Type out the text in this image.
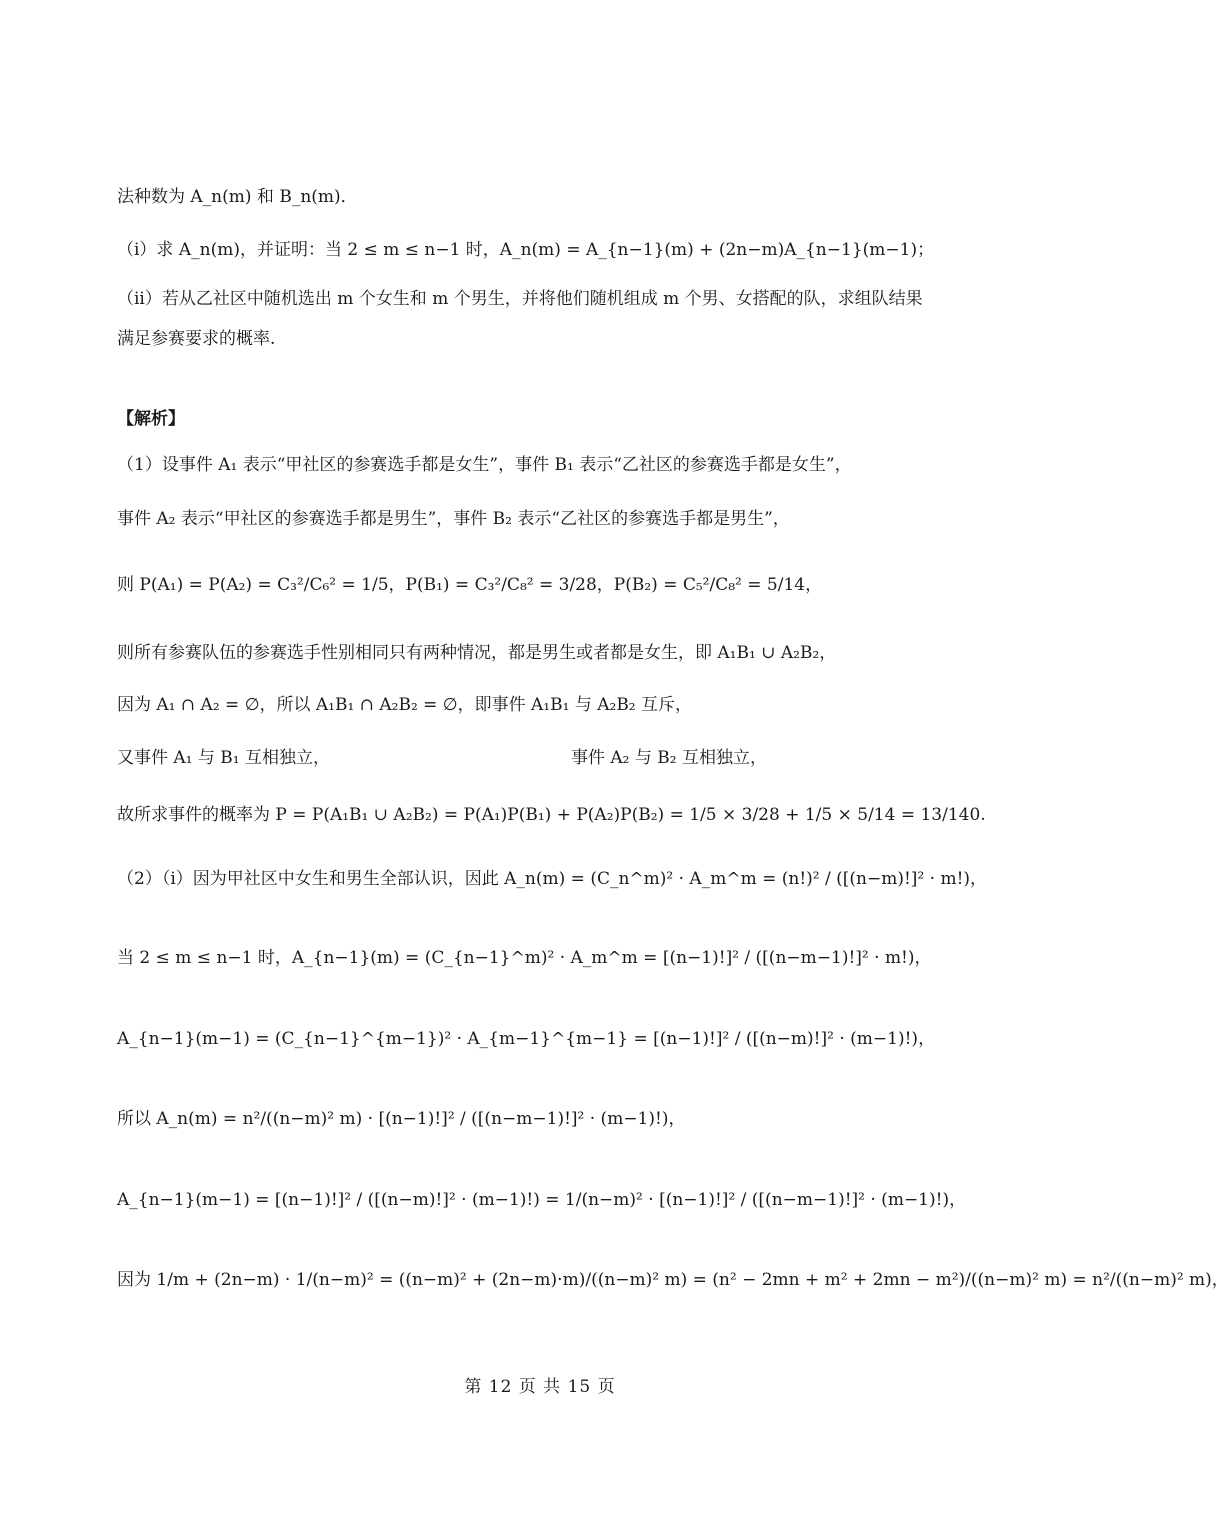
法种数为 A_n(m) 和 B_n(m)．
（i）求 A_n(m)，并证明：当 2 ≤ m ≤ n−1 时，A_n(m) = A_{n−1}(m) + (2n−m)A_{n−1}(m−1)；
（ii）若从乙社区中随机选出 m 个女生和 m 个男生，并将他们随机组成 m 个男、女搭配的队，求组队结果
满足参赛要求的概率.
【解析】
（1）设事件 A₁ 表示“甲社区的参赛选手都是女生”，事件 B₁ 表示“乙社区的参赛选手都是女生”，
事件 A₂ 表示“甲社区的参赛选手都是男生”，事件 B₂ 表示“乙社区的参赛选手都是男生”，
则 P(A₁) = P(A₂) = C₃²/C₆² = 1/5，P(B₁) = C₃²/C₈² = 3/28，P(B₂) = C₅²/C₈² = 5/14，
则所有参赛队伍的参赛选手性别相同只有两种情况，都是男生或者都是女生，即 A₁B₁ ∪ A₂B₂，
因为 A₁ ∩ A₂ = ∅，所以 A₁B₁ ∩ A₂B₂ = ∅，即事件 A₁B₁ 与 A₂B₂ 互斥，
又事件 A₁ 与 B₁ 互相独立，	事件 A₂ 与 B₂ 互相独立，
故所求事件的概率为 P = P(A₁B₁ ∪ A₂B₂) = P(A₁)P(B₁) + P(A₂)P(B₂) = 1/5 × 3/28 + 1/5 × 5/14 = 13/140.
（2）（i）因为甲社区中女生和男生全部认识，因此 A_n(m) = (C_n^m)² · A_m^m = (n!)² / ([(n−m)!]² · m!)，
当 2 ≤ m ≤ n−1 时，A_{n−1}(m) = (C_{n−1}^m)² · A_m^m = [(n−1)!]² / ([(n−m−1)!]² · m!)，
A_{n−1}(m−1) = (C_{n−1}^{m−1})² · A_{m−1}^{m−1} = [(n−1)!]² / ([(n−m)!]² · (m−1)!)，
所以 A_n(m) = n²/((n−m)² m) · [(n−1)!]² / ([(n−m−1)!]² · (m−1)!)，
A_{n−1}(m−1) = [(n−1)!]² / ([(n−m)!]² · (m−1)!) = 1/(n−m)² · [(n−1)!]² / ([(n−m−1)!]² · (m−1)!)，
因为 1/m + (2n−m) · 1/(n−m)² = ((n−m)² + (2n−m)·m)/((n−m)² m) = (n² − 2mn + m² + 2mn − m²)/((n−m)² m) = n²/((n−m)² m)，
第 12 页 共 15 页
